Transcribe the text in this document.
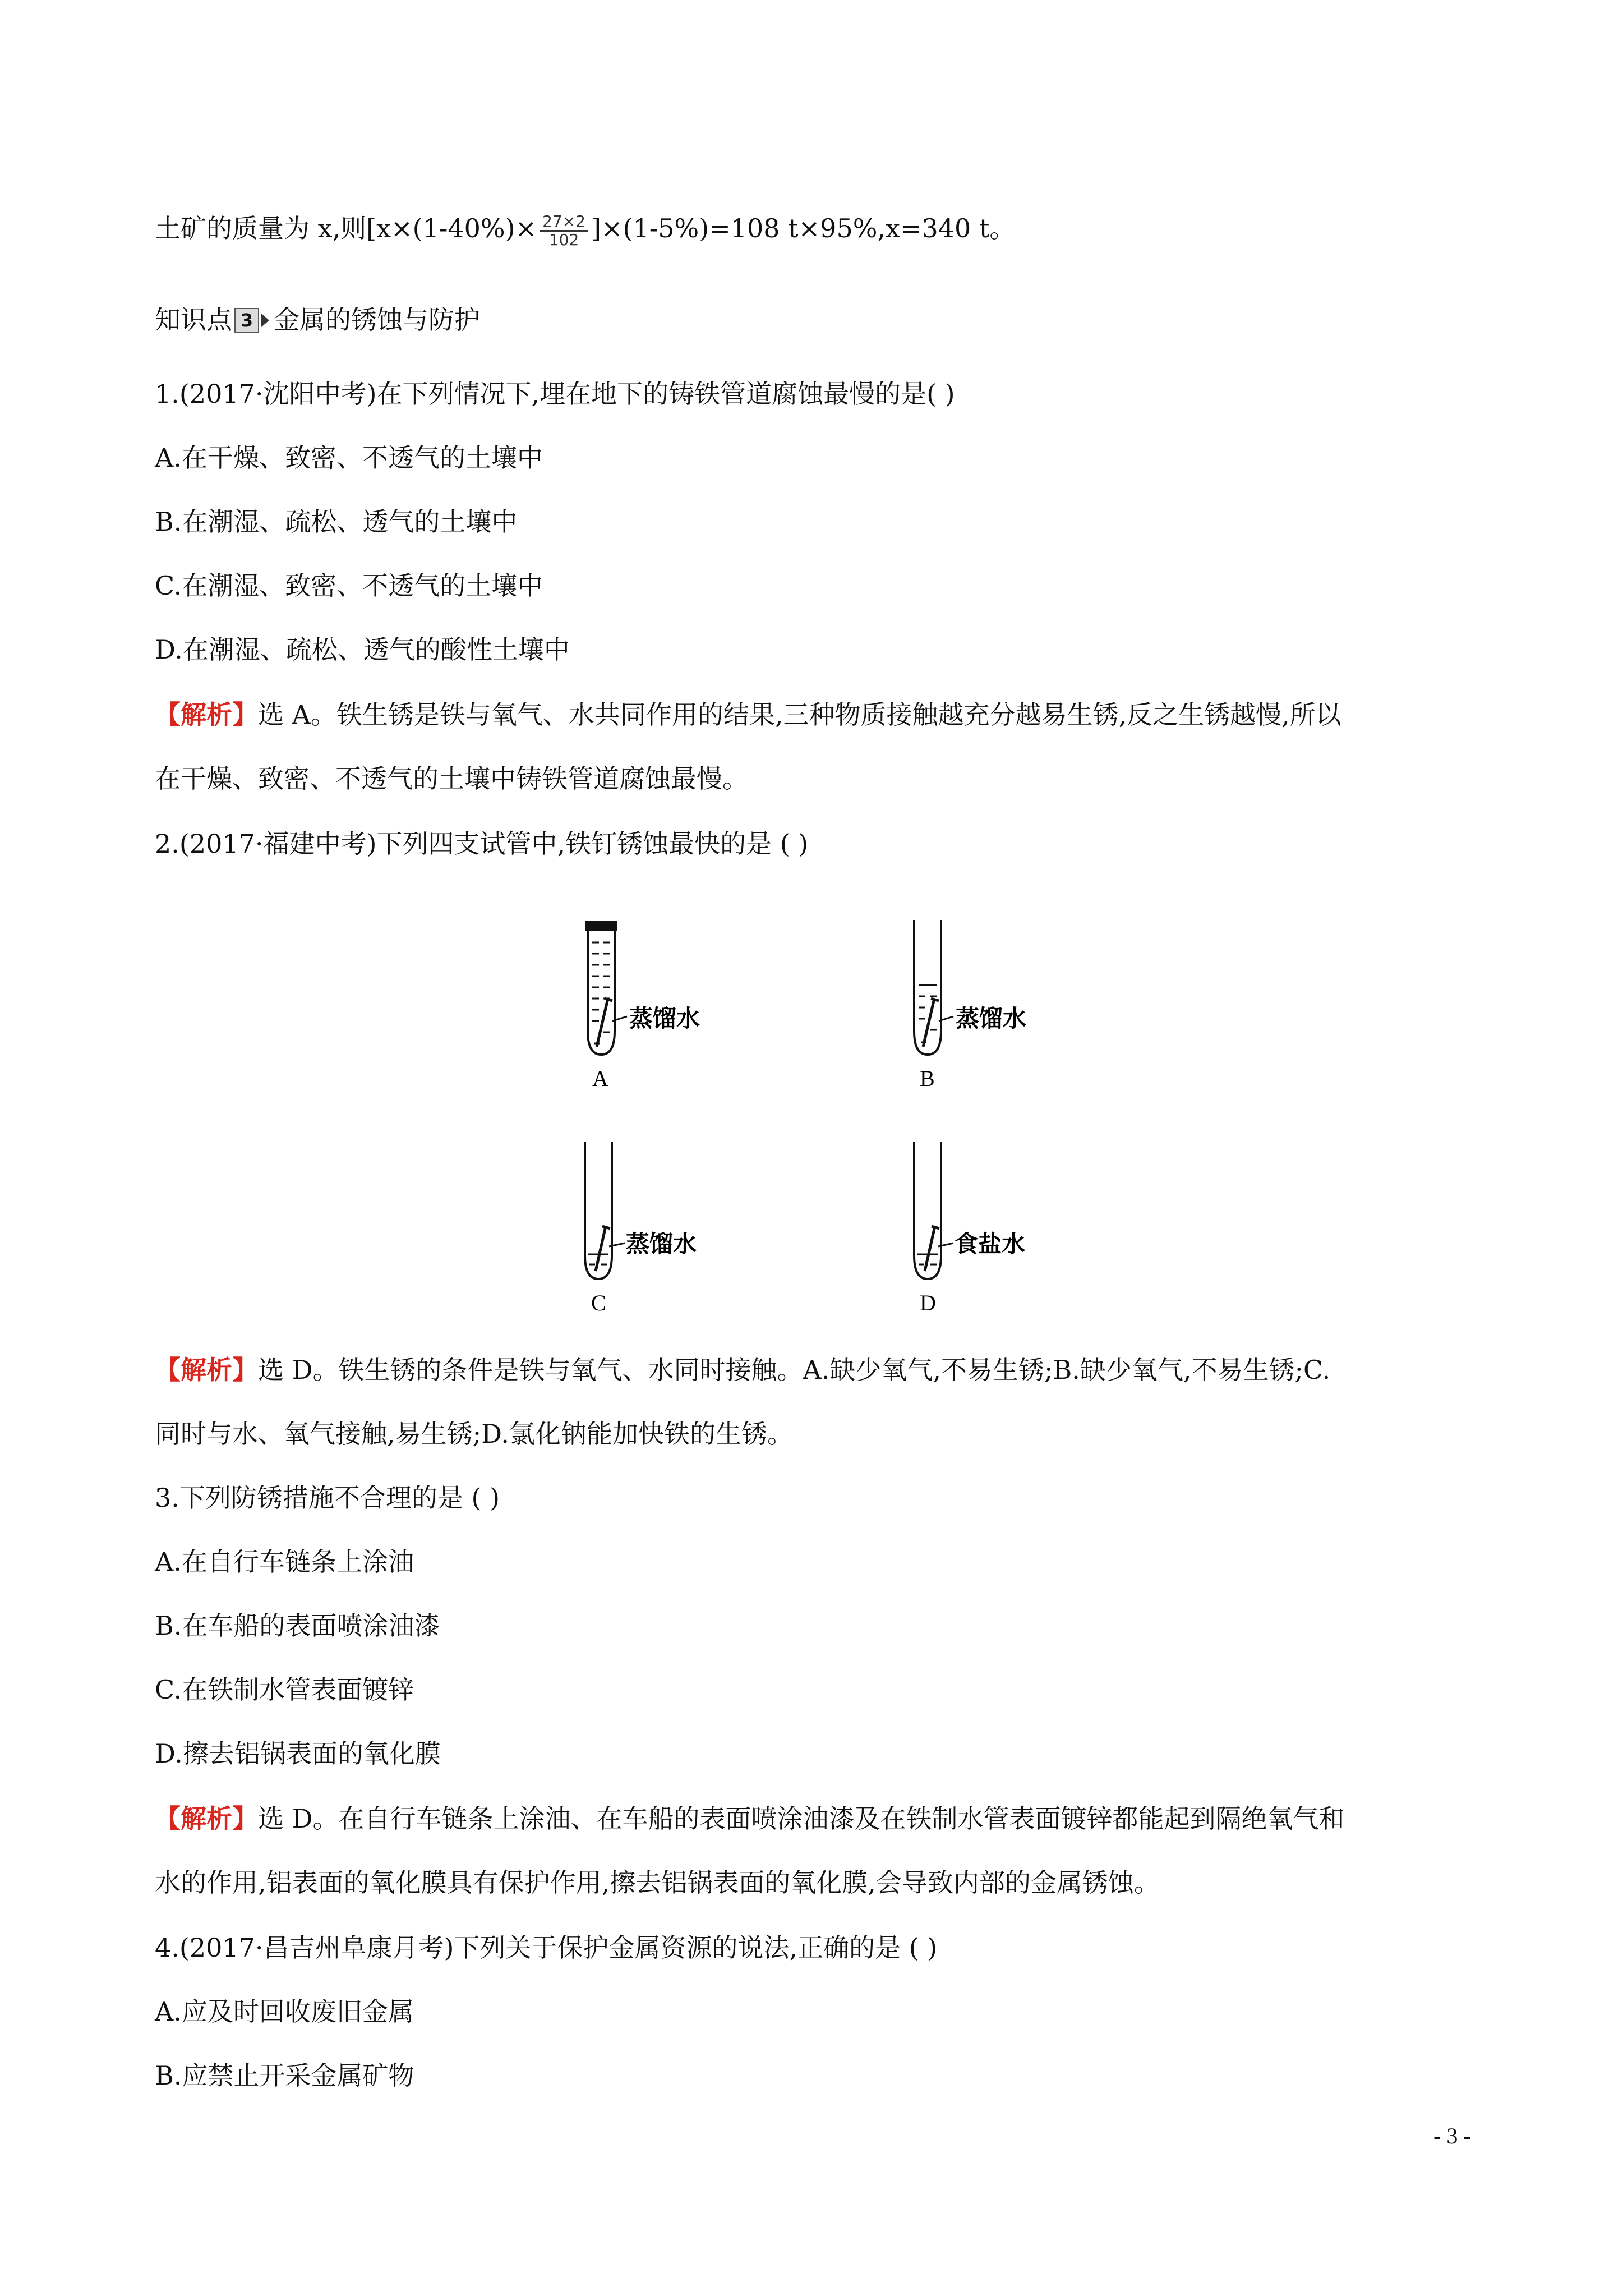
土矿的质量为 x,则$[x\times(1-40\%)\times \frac{27\times 2}{102} ]\times(1-5\%)=108$ t×95%,x=340 t。
知识点 3 金属的锈蚀与防护
1.(2017·沈阳中考)在下列情况下,埋在地下的铸铁管道腐蚀最慢的是( )
A.在干燥、致密、不透气的土壤中
B.在潮湿、疏松、透气的土壤中
C.在潮湿、致密、不透气的土壤中
D.在潮湿、疏松、透气的酸性土壤中
【解析】选 A。铁生锈是铁与氧气、水共同作用的结果,三种物质接触越充分越易生锈,反之生锈越慢,所以
在干燥、致密、不透气的土壤中铸铁管道腐蚀最慢。
2.(2017·福建中考)下列四支试管中,铁钉锈蚀最快的是 ( )
蒸馏水
A
蒸馏水
B
蒸馏水
C
食盐水
D
【解析】选 D。铁生锈的条件是铁与氧气、水同时接触。A.缺少氧气,不易生锈;B.缺少氧气,不易生锈;C.
同时与水、氧气接触,易生锈;D.氯化钠能加快铁的生锈。
3.下列防锈措施不合理的是 ( )
A.在自行车链条上涂油
B.在车船的表面喷涂油漆
C.在铁制水管表面镀锌
D.擦去铝锅表面的氧化膜
【解析】选 D。在自行车链条上涂油、在车船的表面喷涂油漆及在铁制水管表面镀锌都能起到隔绝氧气和
水的作用,铝表面的氧化膜具有保护作用,擦去铝锅表面的氧化膜,会导致内部的金属锈蚀。
4.(2017·昌吉州阜康月考)下列关于保护金属资源的说法,正确的是 ( )
A.应及时回收废旧金属
B.应禁止开采金属矿物
- 3 -
